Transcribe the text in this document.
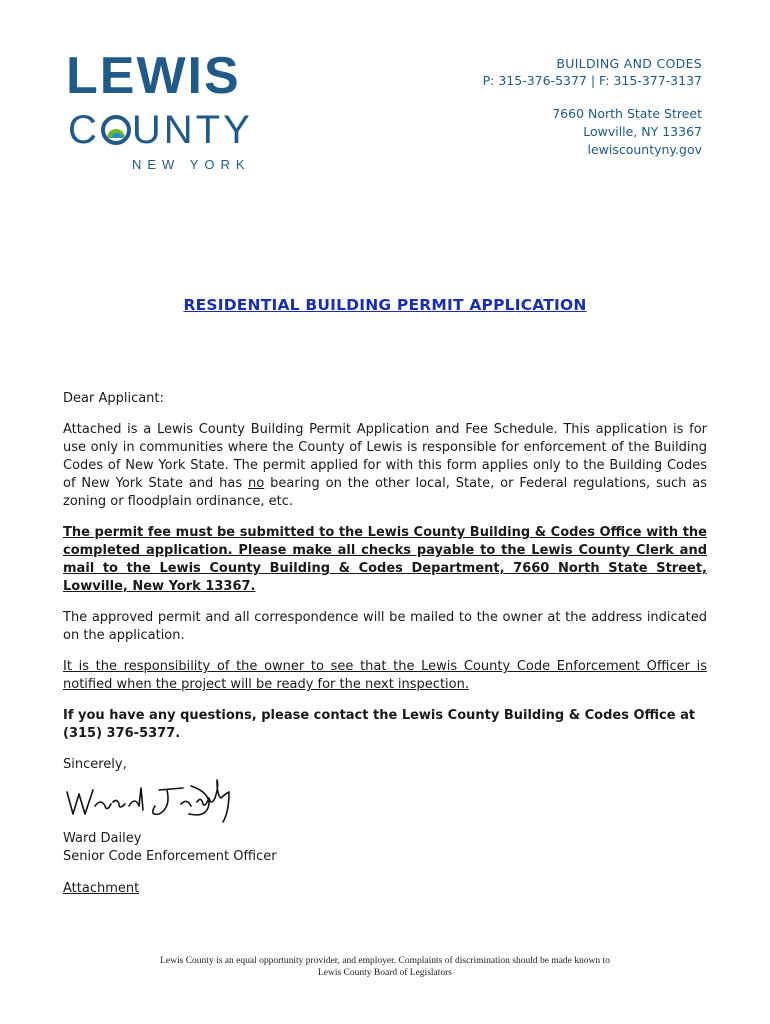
LEWIS
C UNTY
NEW YORK
BUILDING AND CODES
P: 315-376-5377 | F: 315-377-3137
7660 North State Street
Lowville, NY 13367
lewiscountyny.gov
RESIDENTIAL BUILDING PERMIT APPLICATION

Dear Applicant:

Attached is a Lewis County Building Permit Application and Fee Schedule. This application is for use only in communities where the County of Lewis is responsible for enforcement of the Building Codes of New York State. The permit applied for with this form applies only to the Building Codes of New York State and has no bearing on the other local, State, or Federal regulations, such as zoning or floodplain ordinance, etc.

The permit fee must be submitted to the Lewis County Building & Codes Office with the completed application. Please make all checks payable to the Lewis County Clerk and mail to the Lewis County Building & Codes Department, 7660 North State Street, Lowville, New York 13367.

The approved permit and all correspondence will be mailed to the owner at the address indicated on the application.

It is the responsibility of the owner to see that the Lewis County Code Enforcement Officer is notified when the project will be ready for the next inspection.

If you have any questions, please contact the Lewis County Building & Codes Office at (315) 376-5377.

Sincerely,

Ward Dailey

Senior Code Enforcement Officer

Attachment

Lewis County is an equal opportunity provider, and employer. Complaints of discrimination should be made known to
Lewis County Board of Legislators
